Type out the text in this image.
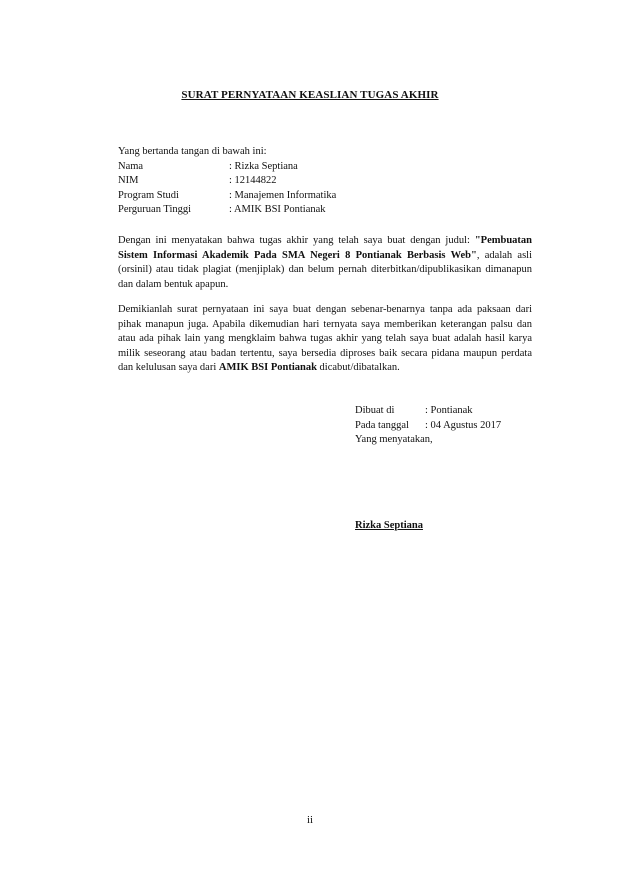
SURAT PERNYATAAN KEASLIAN TUGAS AKHIR
Yang bertanda tangan di bawah ini:
Nama	: Rizka Septiana
NIM	: 12144822
Program Studi	: Manajemen Informatika
Perguruan Tinggi	: AMIK BSI Pontianak
Dengan ini menyatakan bahwa tugas akhir yang telah saya buat dengan judul: "Pembuatan Sistem Informasi Akademik Pada SMA Negeri 8 Pontianak Berbasis Web", adalah asli (orsinil) atau tidak plagiat (menjiplak) dan belum pernah diterbitkan/dipublikasikan dimanapun dan dalam bentuk apapun.
Demikianlah surat pernyataan ini saya buat dengan sebenar-benarnya tanpa ada paksaan dari pihak manapun juga. Apabila dikemudian hari ternyata saya memberikan keterangan palsu dan atau ada pihak lain yang mengklaim bahwa tugas akhir yang telah saya buat adalah hasil karya milik seseorang atau badan tertentu, saya bersedia diproses baik secara pidana maupun perdata dan kelulusan saya dari AMIK BSI Pontianak dicabut/dibatalkan.
Dibuat di	: Pontianak
Pada tanggal	: 04 Agustus 2017
Yang menyatakan,
Rizka Septiana
ii
